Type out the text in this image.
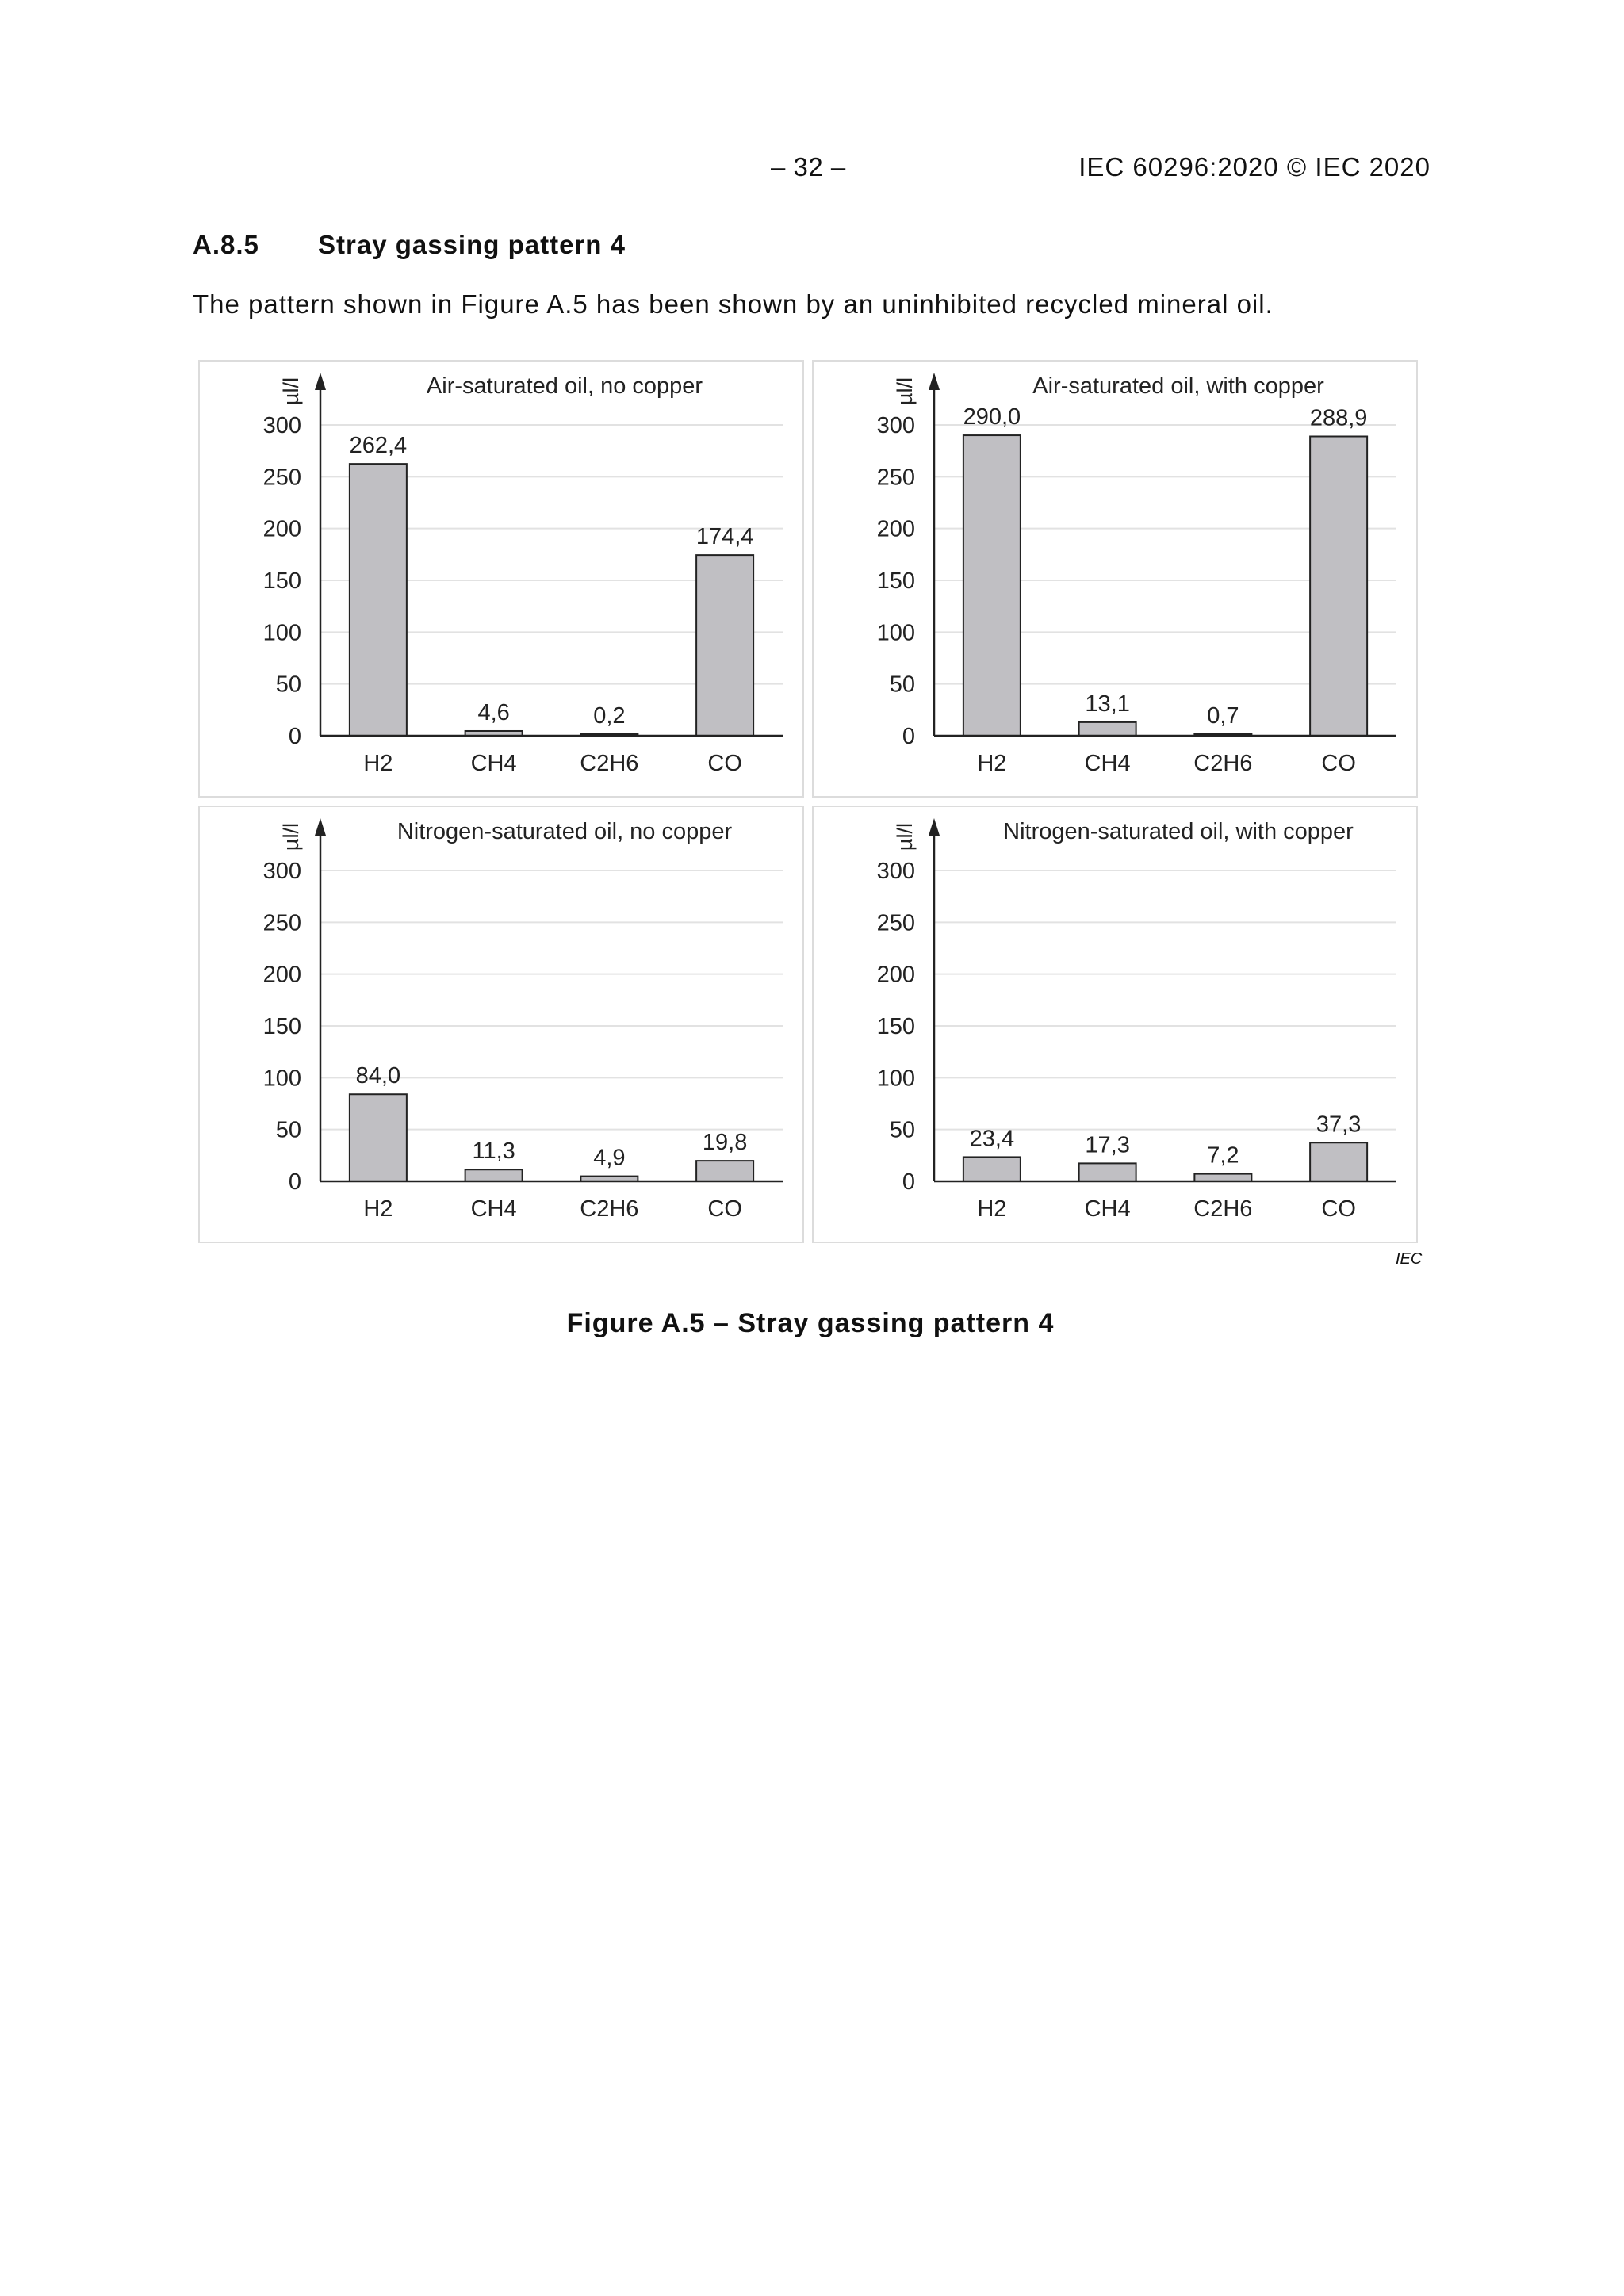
– 32 –	IEC 60296:2020 © IEC 2020
A.8.5 Stray gassing pattern 4
The pattern shown in Figure A.5 has been shown by an uninhibited recycled mineral oil.
0
50
100
150
200
250
300
µl/l	Air-saturated oil, no copper
262,4
H2
4,6
CH4
0,2
C2H6
174,4
CO
0
50
100
150
200
250
300
µl/l	Air-saturated oil, with copper
290,0
H2
13,1
CH4
0,7
C2H6
288,9
CO
0
50
100
150
200
250
300
µl/l	Nitrogen-saturated oil, no copper
84,0
H2
11,3
CH4
4,9
C2H6
19,8
CO
0
50
100
150
200
250
300
µl/l	Nitrogen-saturated oil, with copper
23,4
H2
17,3
CH4
7,2
C2H6
37,3
CO
IEC
Figure A.5 – Stray gassing pattern 4
